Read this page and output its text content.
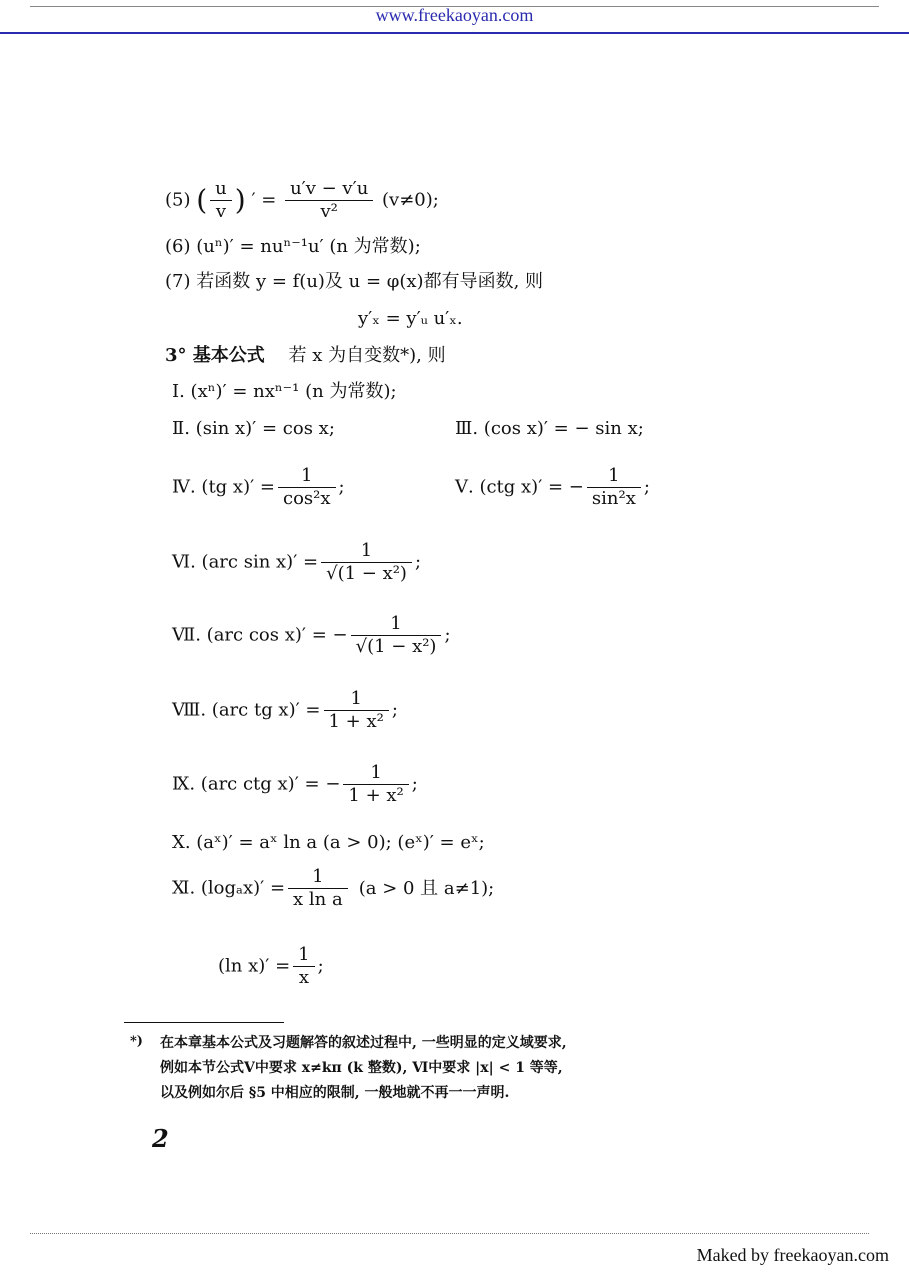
www.freekaoyan.com
(5) ( $\frac{u}{v}$ ) ′ = $\frac{u'v - v'u}{\text{v²}} (v\ne 0)$;
(6) (uⁿ)′ = nuⁿ⁻¹u′ (n 为常数);
(7) 若函数 y = f(u)及 u = φ(x)都有导函数, 则
y′ₓ = y′ᵤ u′ₓ.
3° 基本公式 若 x 为自变数*), 则
Ⅰ. (xⁿ)′ = nxⁿ⁻¹ (n 为常数);
Ⅱ. (sin x)′ = cos x;	Ⅲ. (cos x)′ = − sin x;
Ⅳ. (tg $x)' = \frac{1}{\text{cos²x}}$ ;	Ⅴ. (ctg x)′ = − $\frac{1}{\text{sin²x}}$ ;
Ⅵ. (arc $\sin x)' = \frac{1}{\text{√(1 − x²)}}$ ;
Ⅶ. (arc cos x)′ = − $\frac{1}{\text{√(1 − x²)}}$ ;
Ⅷ. (arc tg $x)' = \frac{1}{\text{1 + x²}}$ ;
Ⅸ. (arc ctg x)′ = − $\frac{1}{\text{1 + x²}}$ ;
Ⅹ. (aˣ)′ = aˣ ln a (a > 0); (eˣ)′ = eˣ;
Ⅺ. $(\log_ax)' = \frac{1}{\text{x ln a}} (a > 0$ 且 a≠1);
(ln $x)' = \frac{1}{x}$ ;
*) 在本章基本公式及习题解答的叙述过程中, 一些明显的定义域要求,
例如本节公式Ⅴ中要求 x≠kπ (k 整数), Ⅵ中要求 |x| < 1 等等,
以及例如尔后 §5 中相应的限制, 一般地就不再一一声明.
2
Maked by freekaoyan.com
